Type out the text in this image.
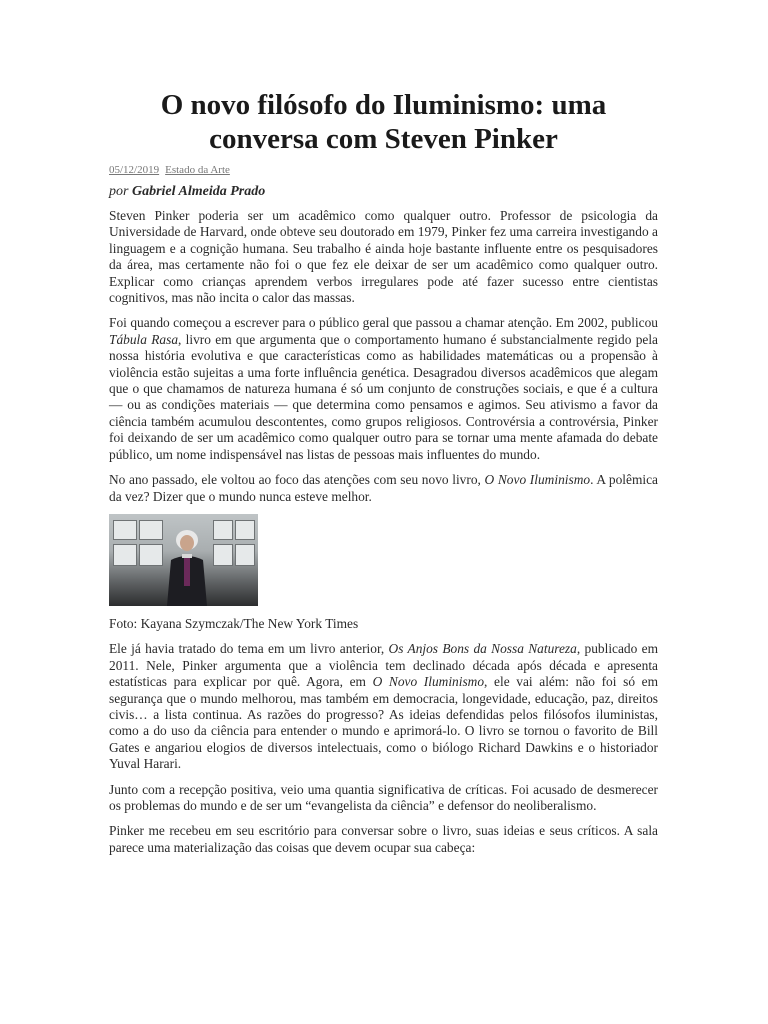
O novo filósofo do Iluminismo: uma conversa com Steven Pinker
05/12/2019 Estado da Arte
por Gabriel Almeida Prado

Steven Pinker poderia ser um acadêmico como qualquer outro. Professor de psicologia da Universidade de Harvard, onde obteve seu doutorado em 1979, Pinker fez uma carreira investigando a linguagem e a cognição humana. Seu trabalho é ainda hoje bastante influente entre os pesquisadores da área, mas certamente não foi o que fez ele deixar de ser um acadêmico como qualquer outro. Explicar como crianças aprendem verbos irregulares pode até fazer sucesso entre cientistas cognitivos, mas não incita o calor das massas.

Foi quando começou a escrever para o público geral que passou a chamar atenção. Em 2002, publicou Tábula Rasa, livro em que argumenta que o comportamento humano é substancialmente regido pela nossa história evolutiva e que características como as habilidades matemáticas ou a propensão à violência estão sujeitas a uma forte influência genética. Desagradou diversos acadêmicos que alegam que o que chamamos de natureza humana é só um conjunto de construções sociais, e que é a cultura — ou as condições materiais — que determina como pensamos e agimos. Seu ativismo a favor da ciência também acumulou descontentes, como grupos religiosos. Controvérsia a controvérsia, Pinker foi deixando de ser um acadêmico como qualquer outro para se tornar uma mente afamada do debate público, um nome indispensável nas listas de pessoas mais influentes do mundo.

No ano passado, ele voltou ao foco das atenções com seu novo livro, O Novo Iluminismo. A polêmica da vez? Dizer que o mundo nunca esteve melhor.

Foto: Kayana Szymczak/The New York Times

Ele já havia tratado do tema em um livro anterior, Os Anjos Bons da Nossa Natureza, publicado em 2011. Nele, Pinker argumenta que a violência tem declinado década após década e apresenta estatísticas para explicar por quê. Agora, em O Novo Iluminismo, ele vai além: não foi só em segurança que o mundo melhorou, mas também em democracia, longevidade, educação, paz, direitos civis… a lista continua. As razões do progresso? As ideias defendidas pelos filósofos iluministas, como a do uso da ciência para entender o mundo e aprimorá-lo. O livro se tornou o favorito de Bill Gates e angariou elogios de diversos intelectuais, como o biólogo Richard Dawkins e o historiador Yuval Harari.

Junto com a recepção positiva, veio uma quantia significativa de críticas. Foi acusado de desmerecer os problemas do mundo e de ser um “evangelista da ciência” e defensor do neoliberalismo.

Pinker me recebeu em seu escritório para conversar sobre o livro, suas ideias e seus críticos. A sala parece uma materialização das coisas que devem ocupar sua cabeça:
